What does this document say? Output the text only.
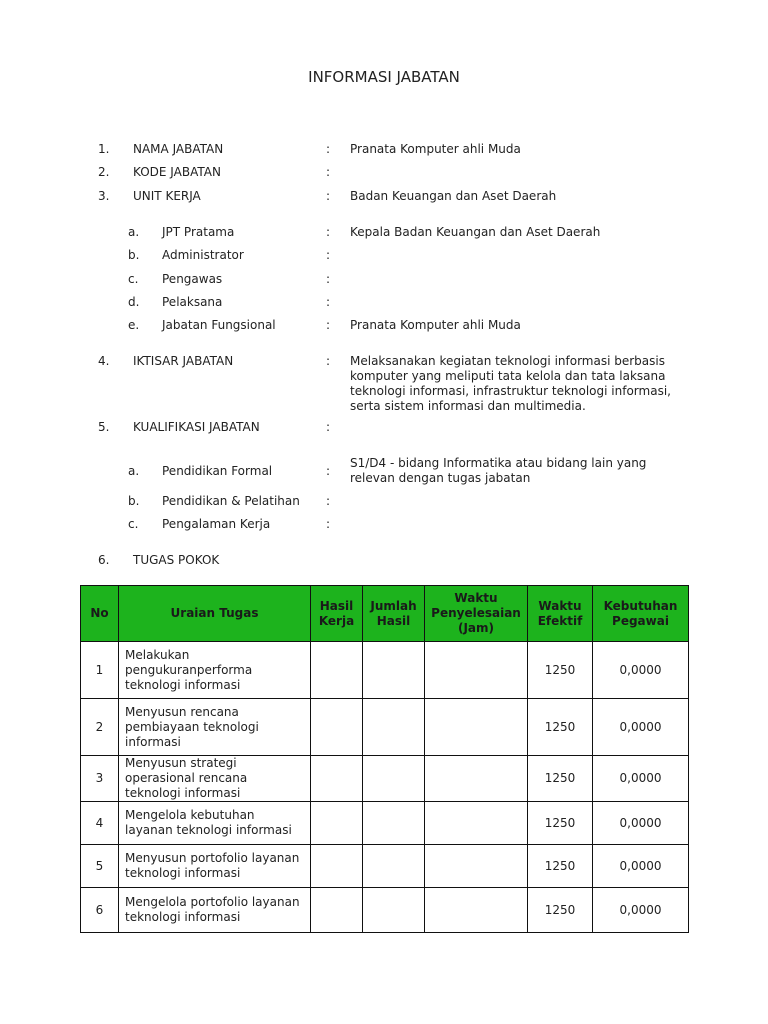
INFORMASI JABATAN
1. NAMA JABATAN	: Pranata Komputer ahli Muda
2. KODE JABATAN	:
3. UNIT KERJA	: Badan Keuangan dan Aset Daerah
a. JPT Pratama	: Kepala Badan Keuangan dan Aset Daerah
b. Administrator	:
c. Pengawas	:
d. Pelaksana	:
e. Jabatan Fungsional	: Pranata Komputer ahli Muda
4. IKTISAR JABATAN	: Melaksanakan kegiatan teknologi informasi berbasis komputer yang meliputi tata kelola dan tata laksana teknologi informasi, infrastruktur teknologi informasi, serta sistem informasi dan multimedia.
5. KUALIFIKASI JABATAN	:
a. Pendidikan Formal	:
S1/D4 - bidang Informatika atau bidang lain yang relevan dengan tugas jabatan
b. Pendidikan & Pelatihan :
c. Pengalaman Kerja	:
6. TUGAS POKOK
No	Uraian Tugas	Hasil Kerja	Jumlah Hasil	Waktu Penyelesaian (Jam)	Waktu Efektif	Kebutuhan Pegawai
1	Melakukan pengukuranperforma teknologi informasi				1250	0,0000
2	Menyusun rencana pembiayaan teknologi informasi				1250	0,0000
3	Menyusun strategi operasional rencana teknologi informasi				1250	0,0000
4	Mengelola kebutuhan layanan teknologi informasi				1250	0,0000
5	Menyusun portofolio layanan teknologi informasi				1250	0,0000
6	Mengelola portofolio layanan teknologi informasi				1250	0,0000
